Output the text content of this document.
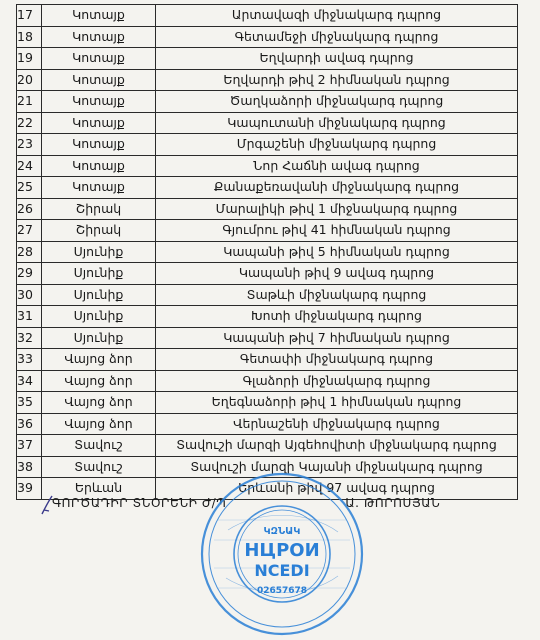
17	Կոտայք	Արտավազի միջնակարգ դպրոց
18	Կոտայք	Գետամեջի միջնակարգ դպրոց
19	Կոտայք	Եղվարդի ավագ դպրոց
20	Կոտայք	Եղվարդի թիվ 2 հիմնական դպրոց
21	Կոտայք	Ծաղկաձորի միջնակարգ դպրոց
22	Կոտայք	Կապուտանի միջնակարգ դպրոց
23	Կոտայք	Մրգաշենի միջնակարգ դպրոց
24	Կոտայք	Նոր Հաճնի ավագ դպրոց
25	Կոտայք	Քանաքեռավանի միջնակարգ դպրոց
26	Շիրակ	Մարալիկի թիվ 1 միջնակարգ դպրոց
27	Շիրակ	Գյումրու թիվ 41 հիմնական դպրոց
28	Սյունիք	Կապանի թիվ 5 հիմնական դպրոց
29	Սյունիք	Կապանի թիվ 9 ավագ դպրոց
30	Սյունիք	Տաթևի միջնակարգ դպրոց
31	Սյունիք	Խոտի միջնակարգ դպրոց
32	Սյունիք	Կապանի թիվ 7 հիմնական դպրոց
33	Վայոց ձոր	Գետափի միջնակարգ դպրոց
34	Վայոց ձոր	Գլաձորի միջնակարգ դպրոց
35	Վայոց ձոր	Եղեգնաձորի թիվ 1 հիմնական դպրոց
36	Վայոց ձոր	Վերնաշենի միջնակարգ դպրոց
37	Տավուշ	Տավուշի մարզի Այգեհովիտի միջնակարգ դպրոց
38	Տավուշ	Տավուշի մարզի Կայանի միջնակարգ դպրոց
39	Երևան	Երևանի թիվ 97 ավագ դպրոց
ԳՈՐԾԱԴԻՐ ՏՆՕՐԵՆԻ Ժ/Պ	Ա. ԹՈՐՈՍՅԱՆ
ԿԶՆԱԿ
НЦРОИ
NCEDI
02657678
